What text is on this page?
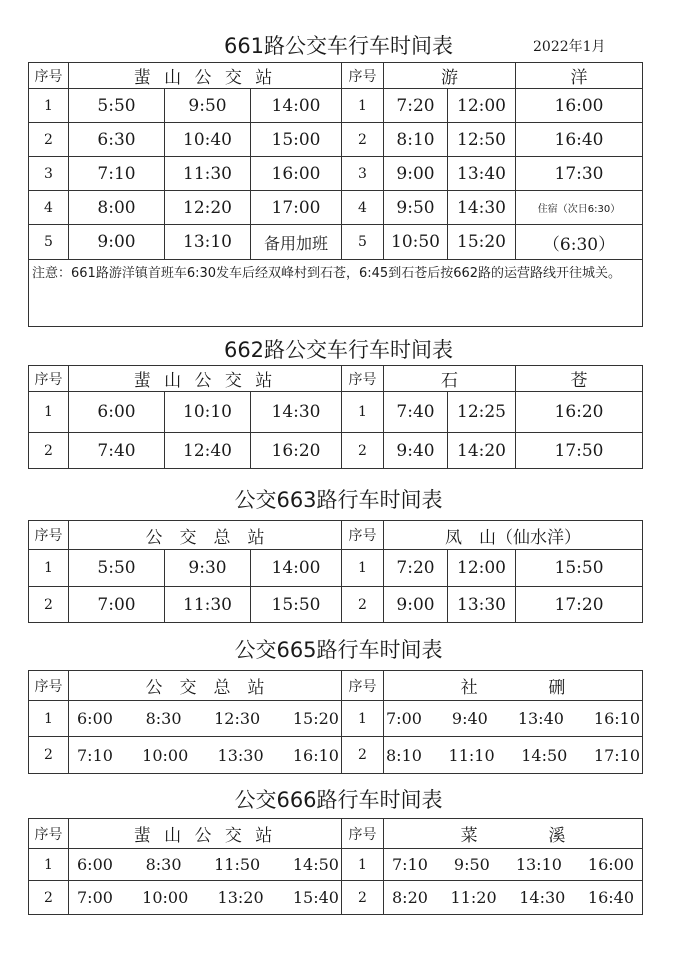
661路公交车行车时间表	2022年1月
序号	蜚 山 公 交 站			序号	游		洋
1	5:50	9:50	14:00	1	7:20	12:00	16:00
2	6:30	10:40	15:00	2	8:10	12:50	16:40
3	7:10	11:30	16:00	3	9:00	13:40	17:30
4	8:00	12:20	17:00	4	9:50	14:30	住宿（次日6:30）
5	9:00	13:10	备用加班	5	10:50	15:20	（6:30）
注意：661路游洋镇首班车6:30发车后经双峰村到石苍，6:45到石苍后按662路的运营路线开往城关。							
662路公交车行车时间表
序号	蜚 山 公 交 站			序号	石		苍
1	6:00	10:10	14:30	1	7:40	12:25	16:20
2	7:40	12:40	16:20	2	9:40	14:20	17:50
公交663路行车时间表
序号	公　交　总　站			序号	凤　山（仙水洋）		
1	5:50	9:30	14:00	1	7:20	12:00	15:50
2	7:00	11:30	15:50	2	9:00	13:30	17:20
公交665路行车时间表
序号	公　交　总　站	序号	社 硎
1	6:00 8:30 12:30 15:20	1	7:00 9:40 13:40 16:10

2	7:10 10:00 13:30 16:10	2	8:10 11:10 14:50 17:10
公交666路行车时间表
序号	蜚 山 公 交 站	序号	菜 溪
1	6:00 8:30 11:50 14:50	1	7:10 9:50 13:10 16:00

2	7:00 10:00 13:20 15:40	2	8:20 11:20 14:30 16:40
